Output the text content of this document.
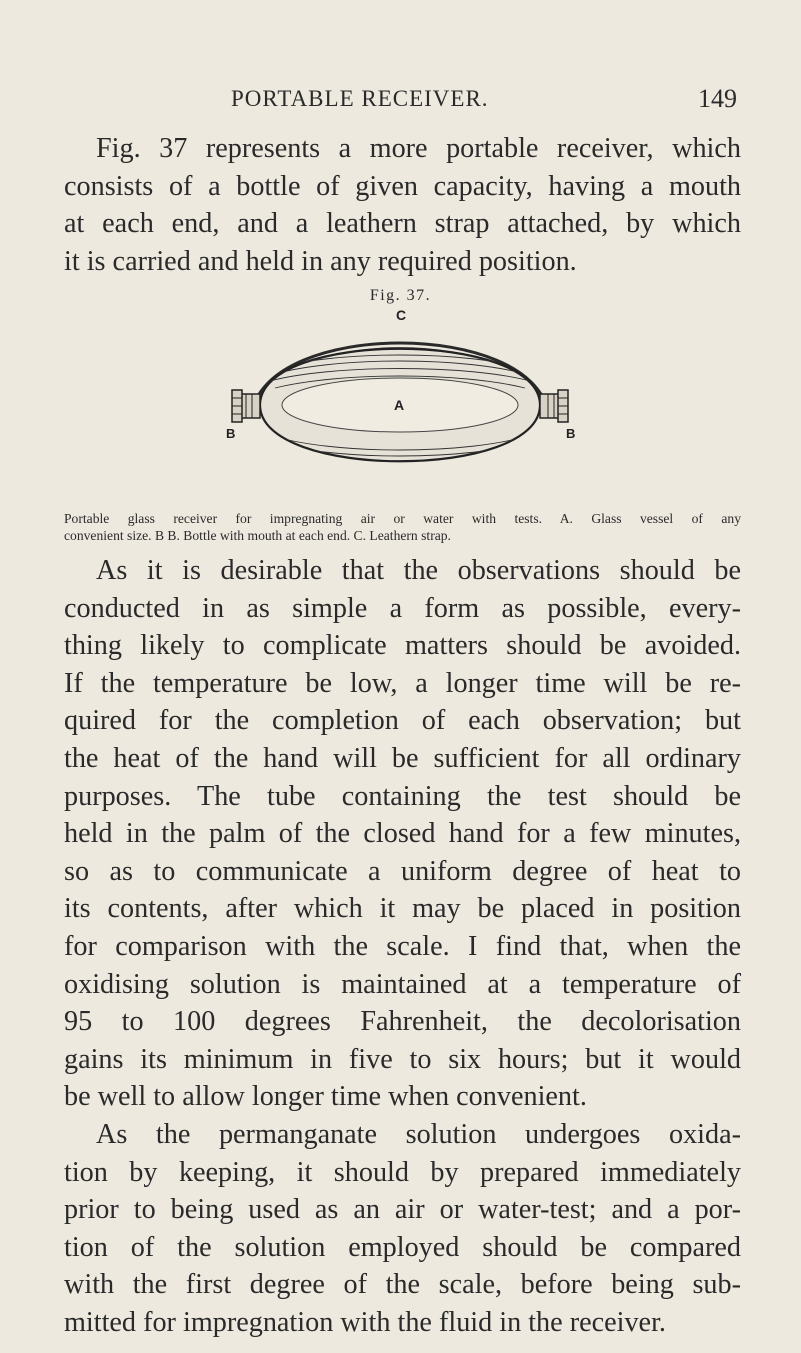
PORTABLE RECEIVER.	149

Fig. 37 represents a more portable receiver, which
consists of a bottle of given capacity, having a mouth
at each end, and a leathern strap attached, by which
it is carried and held in any required position.

Fig. 37.
C
A
B	B
Portable glass receiver for impregnating air or water with tests. A. Glass vessel of any
convenient size. B B. Bottle with mouth at each end. C. Leathern strap.

As it is desirable that the observations should be
conducted in as simple a form as possible, every-
thing likely to complicate matters should be avoided.
If the temperature be low, a longer time will be re-
quired for the completion of each observation; but
the heat of the hand will be sufficient for all ordinary
purposes. The tube containing the test should be
held in the palm of the closed hand for a few minutes,
so as to communicate a uniform degree of heat to
its contents, after which it may be placed in position
for comparison with the scale. I find that, when the
oxidising solution is maintained at a temperature of
95 to 100 degrees Fahrenheit, the decolorisation
gains its minimum in five to six hours; but it would
be well to allow longer time when convenient.
As the permanganate solution undergoes oxida-
tion by keeping, it should by prepared immediately
prior to being used as an air or water-test; and a por-
tion of the solution employed should be compared
with the first degree of the scale, before being sub-
mitted for impregnation with the fluid in the receiver.
